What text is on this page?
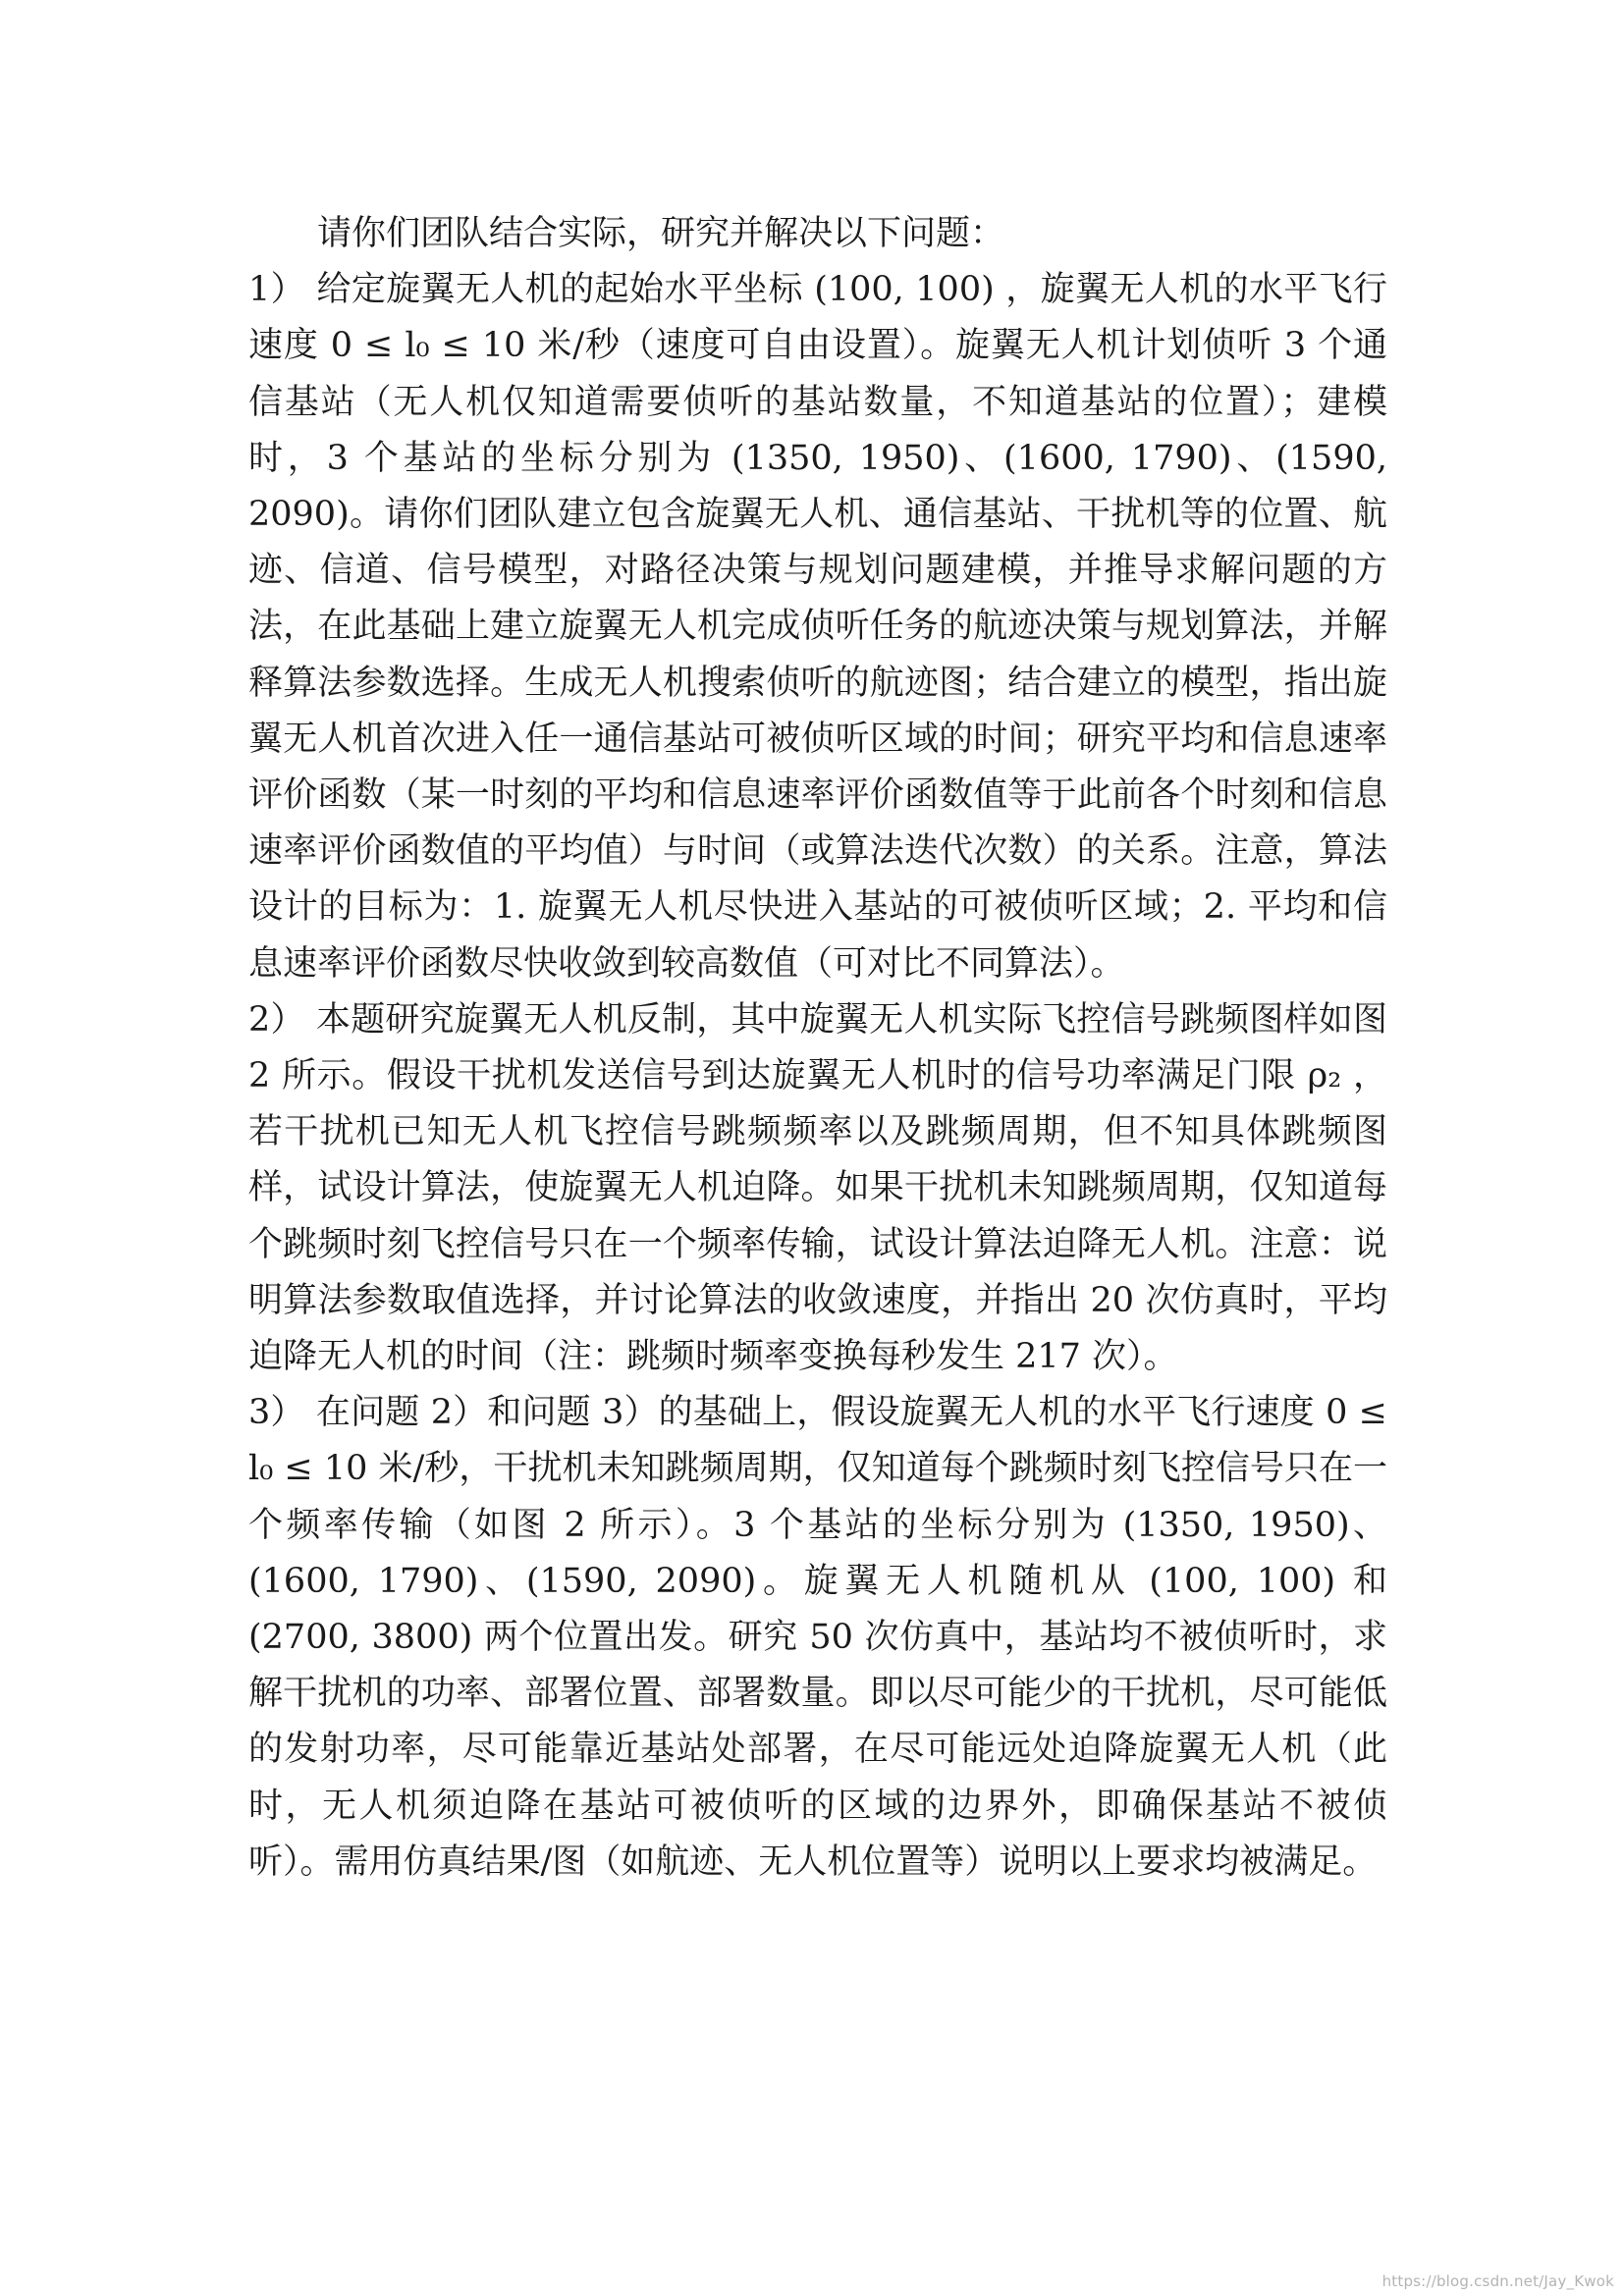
请你们团队结合实际，研究并解决以下问题：

1） 给定旋翼无人机的起始水平坐标 (100, 100) ，旋翼无人机的水平飞行速度 0 ≤ l₀ ≤ 10 米/秒（速度可自由设置）。旋翼无人机计划侦听 3 个通信基站（无人机仅知道需要侦听的基站数量，不知道基站的位置）；建模时，3 个基站的坐标分别为 (1350, 1950)、(1600, 1790)、(1590, 2090)。请你们团队建立包含旋翼无人机、通信基站、干扰机等的位置、航迹、信道、信号模型，对路径决策与规划问题建模，并推导求解问题的方法，在此基础上建立旋翼无人机完成侦听任务的航迹决策与规划算法，并解释算法参数选择。生成无人机搜索侦听的航迹图；结合建立的模型，指出旋翼无人机首次进入任一通信基站可被侦听区域的时间；研究平均和信息速率评价函数（某一时刻的平均和信息速率评价函数值等于此前各个时刻和信息速率评价函数值的平均值）与时间（或算法迭代次数）的关系。注意，算法设计的目标为：1. 旋翼无人机尽快进入基站的可被侦听区域；2. 平均和信息速率评价函数尽快收敛到较高数值（可对比不同算法）。

2） 本题研究旋翼无人机反制，其中旋翼无人机实际飞控信号跳频图样如图 2 所示。假设干扰机发送信号到达旋翼无人机时的信号功率满足门限 ρ₂ ，若干扰机已知无人机飞控信号跳频频率以及跳频周期，但不知具体跳频图样，试设计算法，使旋翼无人机迫降。如果干扰机未知跳频周期，仅知道每个跳频时刻飞控信号只在一个频率传输，试设计算法迫降无人机。注意：说明算法参数取值选择，并讨论算法的收敛速度，并指出 20 次仿真时，平均迫降无人机的时间（注：跳频时频率变换每秒发生 217 次）。

3） 在问题 2）和问题 3）的基础上，假设旋翼无人机的水平飞行速度 0 ≤ l₀ ≤ 10 米/秒，干扰机未知跳频周期，仅知道每个跳频时刻飞控信号只在一个频率传输（如图 2 所示）。3 个基站的坐标分别为 (1350, 1950)、(1600, 1790)、(1590, 2090)。旋翼无人机随机从 (100, 100) 和 (2700, 3800) 两个位置出发。研究 50 次仿真中，基站均不被侦听时，求解干扰机的功率、部署位置、部署数量。即以尽可能少的干扰机，尽可能低的发射功率，尽可能靠近基站处部署，在尽可能远处迫降旋翼无人机（此时，无人机须迫降在基站可被侦听的区域的边界外，即确保基站不被侦听）。需用仿真结果/图（如航迹、无人机位置等）说明以上要求均被满足。

https://blog.csdn.net/Jay_Kwok
